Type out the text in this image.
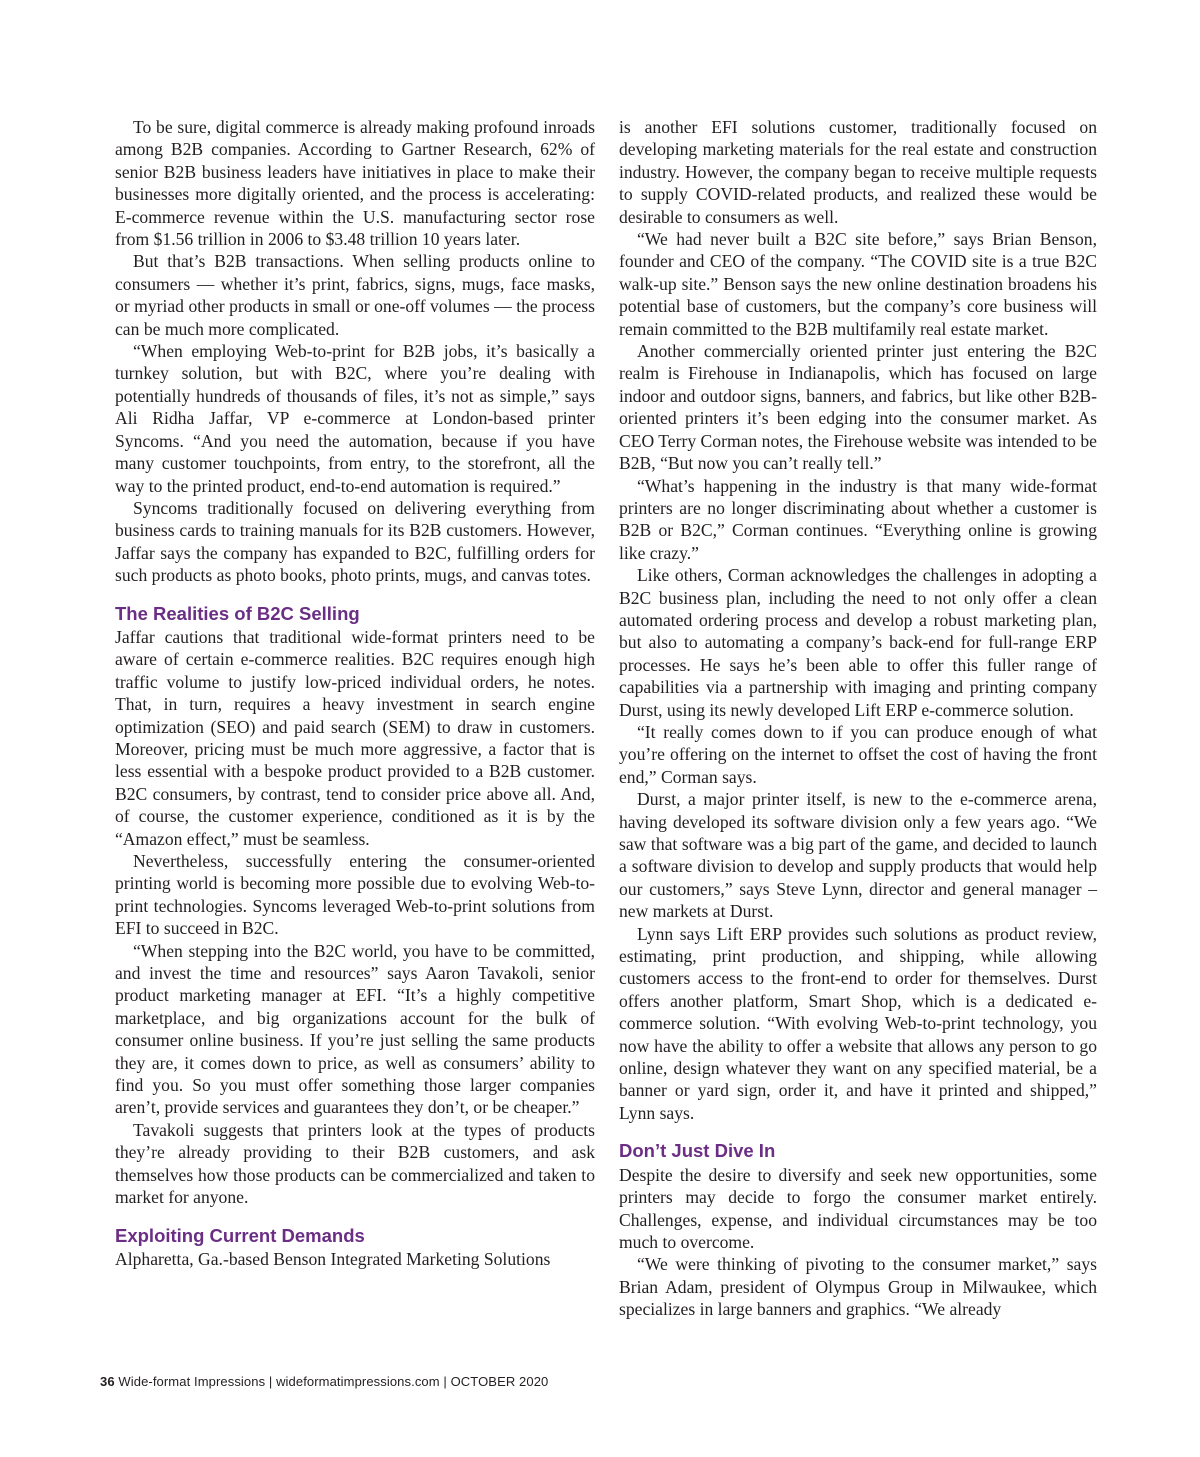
To be sure, digital commerce is already making profound inroads among B2B companies. According to Gartner Research, 62% of senior B2B business leaders have initiatives in place to make their businesses more digitally oriented, and the process is accelerating: E-commerce revenue within the U.S. manufacturing sector rose from $1.56 trillion in 2006 to $3.48 trillion 10 years later.

But that’s B2B transactions. When selling products online to consumers — whether it’s print, fabrics, signs, mugs, face masks, or myriad other products in small or one-off volumes — the process can be much more complicated.

“When employing Web-to-print for B2B jobs, it’s basically a turnkey solution, but with B2C, where you’re dealing with potentially hundreds of thousands of files, it’s not as simple,” says Ali Ridha Jaffar, VP e-commerce at London-based printer Syncoms. “And you need the automation, because if you have many customer touchpoints, from entry, to the storefront, all the way to the printed product, end-to-end automation is required.”

Syncoms traditionally focused on delivering everything from business cards to training manuals for its B2B customers. However, Jaffar says the company has expanded to B2C, fulfilling orders for such products as photo books, photo prints, mugs, and canvas totes.

The Realities of B2C Selling

Jaffar cautions that traditional wide-format printers need to be aware of certain e-commerce realities. B2C requires enough high traffic volume to justify low-priced individual orders, he notes. That, in turn, requires a heavy investment in search engine optimization (SEO) and paid search (SEM) to draw in customers. Moreover, pricing must be much more aggressive, a factor that is less essential with a bespoke product provided to a B2B customer. B2C consumers, by contrast, tend to consider price above all. And, of course, the customer experience, conditioned as it is by the “Amazon effect,” must be seamless.

Nevertheless, successfully entering the consumer-oriented printing world is becoming more possible due to evolving Web-to-print technologies. Syncoms leveraged Web-to-print solutions from EFI to succeed in B2C.

“When stepping into the B2C world, you have to be committed, and invest the time and resources” says Aaron Tavakoli, senior product marketing manager at EFI. “It’s a highly competitive marketplace, and big organizations account for the bulk of consumer online business. If you’re just selling the same products they are, it comes down to price, as well as consumers’ ability to find you. So you must offer something those larger companies aren’t, provide services and guarantees they don’t, or be cheaper.”

Tavakoli suggests that printers look at the types of products they’re already providing to their B2B customers, and ask themselves how those products can be commercialized and taken to market for anyone.

Exploiting Current Demands

Alpharetta, Ga.-based Benson Integrated Marketing Solutions

is another EFI solutions customer, traditionally focused on developing marketing materials for the real estate and construction industry. However, the company began to receive multiple requests to supply COVID-related products, and realized these would be desirable to consumers as well.

“We had never built a B2C site before,” says Brian Benson, founder and CEO of the company. “The COVID site is a true B2C walk-up site.” Benson says the new online destination broadens his potential base of customers, but the company’s core business will remain committed to the B2B multifamily real estate market.

Another commercially oriented printer just entering the B2C realm is Firehouse in Indianapolis, which has focused on large indoor and outdoor signs, banners, and fabrics, but like other B2B-oriented printers it’s been edging into the consumer market. As CEO Terry Corman notes, the Firehouse website was intended to be B2B, “But now you can’t really tell.”

“What’s happening in the industry is that many wide-format printers are no longer discriminating about whether a customer is B2B or B2C,” Corman continues. “Everything online is growing like crazy.”

Like others, Corman acknowledges the challenges in adopting a B2C business plan, including the need to not only offer a clean automated ordering process and develop a robust marketing plan, but also to automating a company’s back-end for full-range ERP processes. He says he’s been able to offer this fuller range of capabilities via a partnership with imaging and printing company Durst, using its newly developed Lift ERP e-commerce solution.

“It really comes down to if you can produce enough of what you’re offering on the internet to offset the cost of having the front end,” Corman says.

Durst, a major printer itself, is new to the e-commerce arena, having developed its software division only a few years ago. “We saw that software was a big part of the game, and decided to launch a software division to develop and supply products that would help our customers,” says Steve Lynn, director and general manager – new markets at Durst.

Lynn says Lift ERP provides such solutions as product review, estimating, print production, and shipping, while allowing customers access to the front-end to order for themselves. Durst offers another platform, Smart Shop, which is a dedicated e-commerce solution. “With evolving Web-to-print technology, you now have the ability to offer a website that allows any person to go online, design whatever they want on any specified material, be a banner or yard sign, order it, and have it printed and shipped,” Lynn says.

Don’t Just Dive In

Despite the desire to diversify and seek new opportunities, some printers may decide to forgo the consumer market entirely. Challenges, expense, and individual circumstances may be too much to overcome.

“We were thinking of pivoting to the consumer market,” says Brian Adam, president of Olympus Group in Milwaukee, which specializes in large banners and graphics. “We already

36 Wide-format Impressions | wideformatimpressions.com | OCTOBER 2020
